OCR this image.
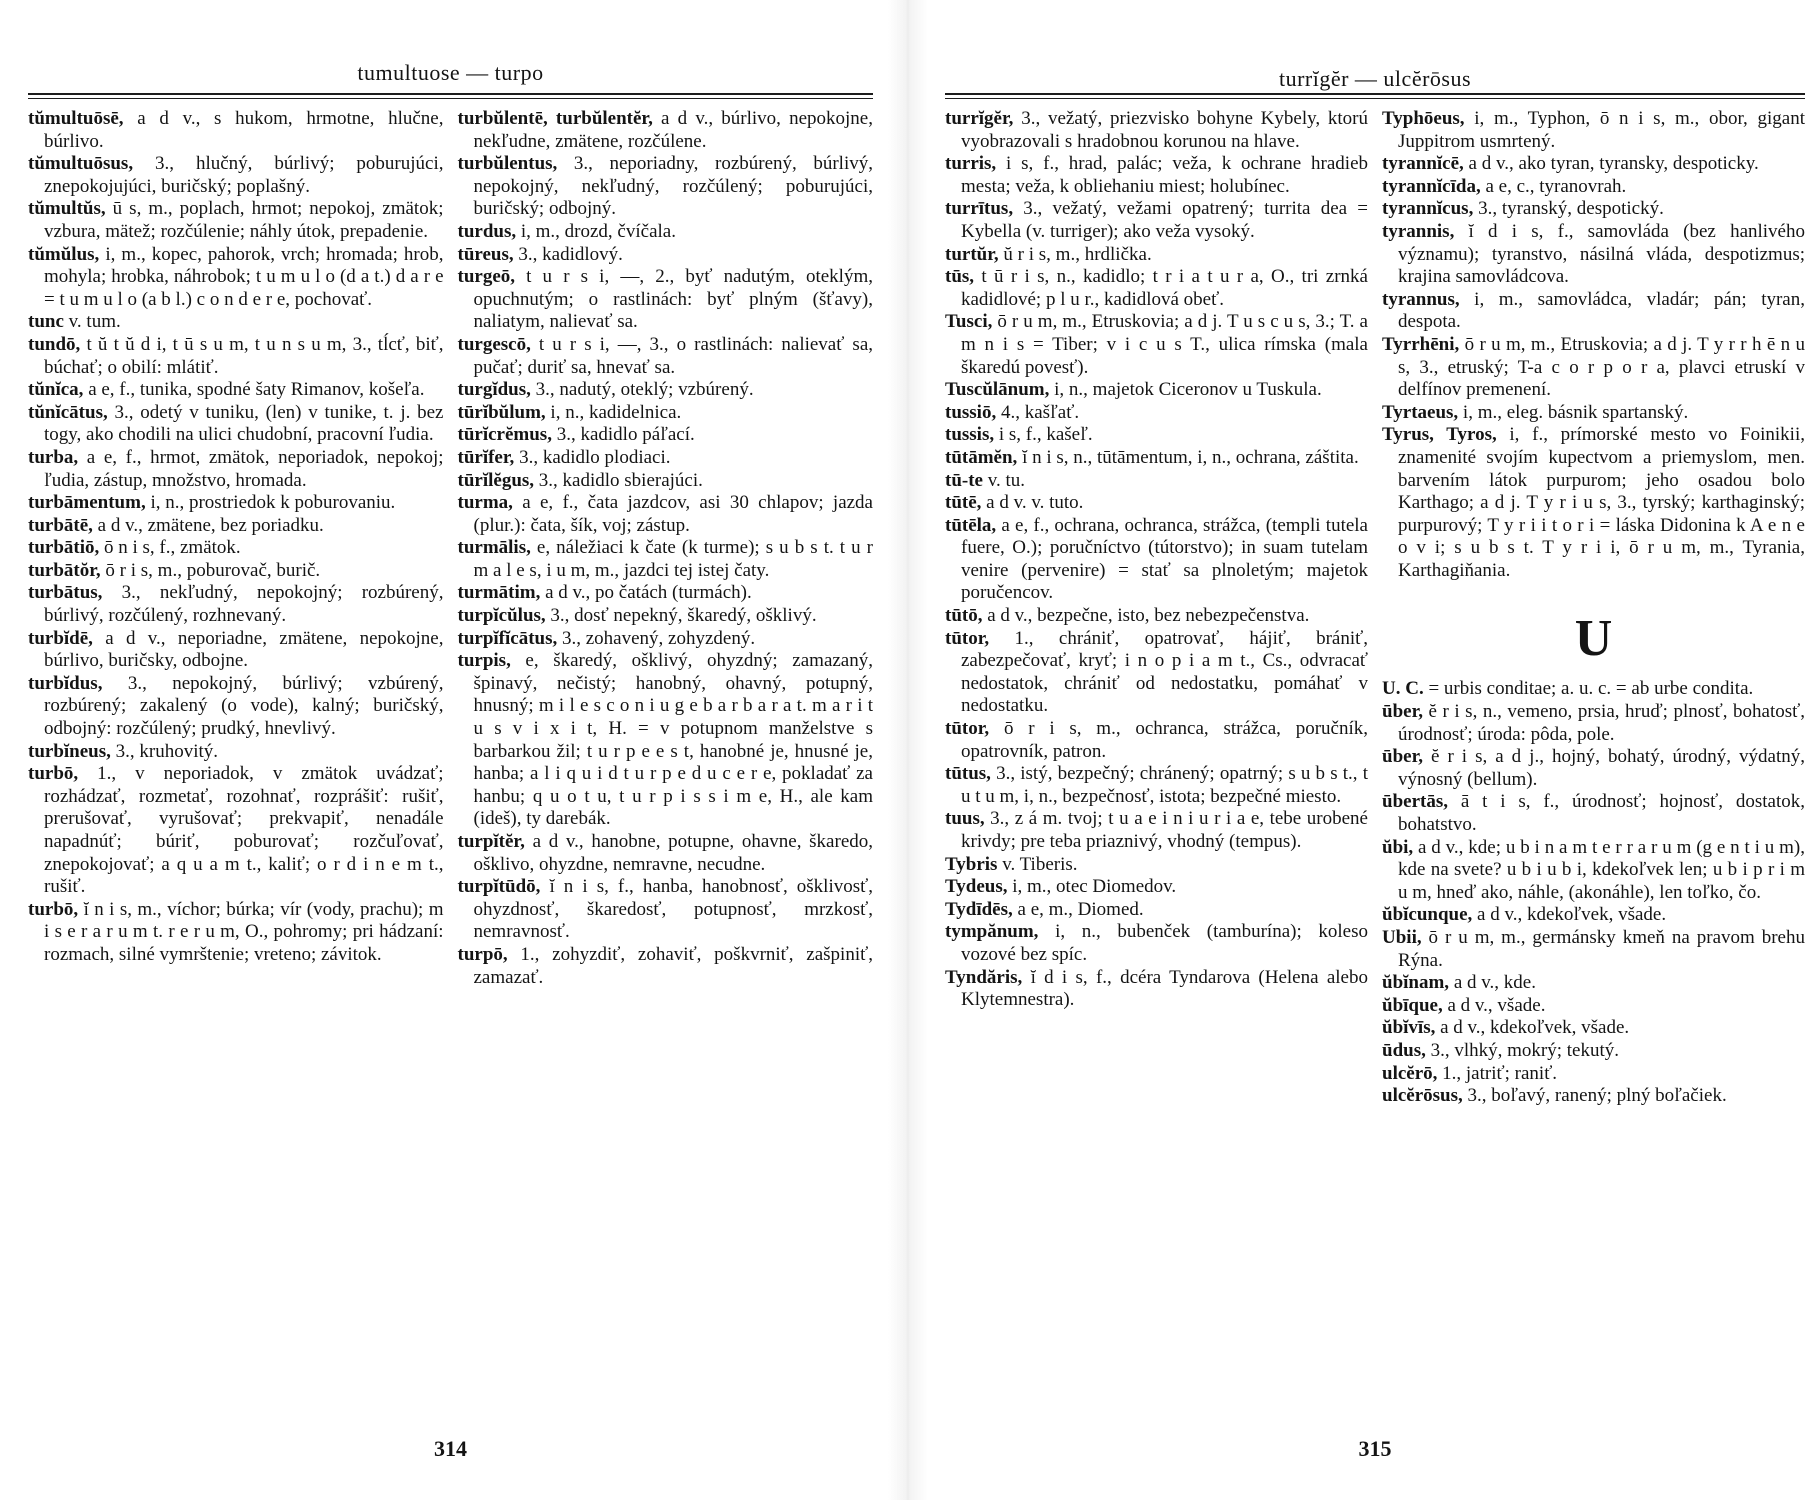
tumultuose — turpo

tŭmultuōsē, a d v., s hukom, hrmotne, hlučne, búrlivo.

tŭmultuōsus, 3., hlučný, búrlivý; poburujúci, znepokojujúci, buričský; poplašný.

tŭmultŭs, ū s, m., poplach, hrmot; nepokoj, zmätok; vzbura, mätež; rozčúlenie; náhly útok, prepadenie.

tŭmŭlus, i, m., kopec, pahorok, vrch; hromada; hrob, mohyla; hrobka, náhrobok; t u m u l o (d a t.) d a r e = t u m u l o (a b l.) c o n d e r e, pochovať.

tunc v. tum.

tundō, t ŭ t ŭ d i, t ū s u m, t u n s u m, 3., tĺcť, biť, búchať; o obilí: mlátiť.

tŭnĭca, a e, f., tunika, spodné šaty Rimanov, košeľa.

tŭnĭcātus, 3., odetý v tuniku, (len) v tunike, t. j. bez togy, ako chodili na ulici chudobní, pracovní ľudia.

turba, a e, f., hrmot, zmätok, neporiadok, nepokoj; ľudia, zástup, množstvo, hromada.

turbāmentum, i, n., prostriedok k poburovaniu.

turbātē, a d v., zmätene, bez poriadku.

turbātiō, ō n i s, f., zmätok.

turbātŏr, ō r i s, m., poburovač, burič.

turbātus, 3., nekľudný, nepokojný; rozbúrený, búrlivý, rozčúlený, rozhnevaný.

turbĭdē, a d v., neporiadne, zmätene, nepokojne, búrlivo, buričsky, odbojne.

turbĭdus, 3., nepokojný, búrlivý; vzbúrený, rozbúrený; zakalený (o vode), kalný; buričský, odbojný: rozčúlený; prudký, hnevlivý.

turbĭneus, 3., kruhovitý.

turbō, 1., v neporiadok, v zmätok uvádzať; rozhádzať, rozmetať, rozohnať, rozprášiť: rušiť, prerušovať, vyrušovať; prekvapiť, nenadále napadnúť; búriť, poburovať; rozčuľovať, znepokojovať; a q u a m t., kaliť; o r d i n e m t., rušiť.

turbō, ĭ n i s, m., víchor; búrka; vír (vody, prachu); m i s e r a r u m t. r e r u m, O., pohromy; pri hádzaní: rozmach, silné vymrštenie; vreteno; závitok.

turbŭlentē, turbŭlentĕr, a d v., búrlivo, nepokojne, nekľudne, zmätene, rozčúlene.

turbŭlentus, 3., neporiadny, rozbúrený, búrlivý, nepokojný, nekľudný, rozčúlený; poburujúci, buričský; odbojný.

turdus, i, m., drozd, čvíčala.

tūreus, 3., kadidlový.

turgeō, t u r s i, —, 2., byť nadutým, oteklým, opuchnutým; o rastlinách: byť plným (šťavy), naliatym, nalievať sa.

turgescō, t u r s i, —, 3., o rastlinách: nalievať sa, pučať; duriť sa, hnevať sa.

turgĭdus, 3., nadutý, oteklý; vzbúrený.

tūrĭbŭlum, i, n., kadidelnica.

tūrĭcrĕmus, 3., kadidlo páľací.

tūrĭfer, 3., kadidlo plodiaci.

tūrĭlĕgus, 3., kadidlo sbierajúci.

turma, a e, f., čata jazdcov, asi 30 chlapov; jazda (plur.): čata, šík, voj; zástup.

turmālis, e, náležiaci k čate (k turme); s u b s t. t u r m a l e s, i u m, m., jazdci tej istej čaty.

turmātim, a d v., po čatách (turmách).

turpĭcŭlus, 3., dosť nepekný, škaredý, ošklivý.

turpĭfĭcātus, 3., zohavený, zohyzdený.

turpis, e, škaredý, ošklivý, ohyzdný; zamazaný, špinavý, nečistý; hanobný, ohavný, potupný, hnusný; m i l e s c o n i u g e b a r b a r a t. m a r i t u s v i x i t, H. = v potupnom manželstve s barbarkou žil; t u r p e e s t, hanobné je, hnusné je, hanba; a l i q u i d t u r p e d u c e r e, pokladať za hanbu; q u o t u, t u r p i s s i m e, H., ale kam (ideš), ty darebák.

turpĭtĕr, a d v., hanobne, potupne, ohavne, škaredo, ošklivo, ohyzdne, nemravne, necudne.

turpĭtūdō, ĭ n i s, f., hanba, hanobnosť, ošklivosť, ohyzdnosť, škaredosť, potupnosť, mrzkosť, nemravnosť.

turpō, 1., zohyzdiť, zohaviť, poškvrniť, zašpiniť, zamazať.

314
turrĭgĕr — ulcĕrōsus

turrĭgĕr, 3., vežatý, priezvisko bohyne Kybely, ktorú vyobrazovali s hradobnou korunou na hlave.

turris, i s, f., hrad, palác; veža, k ochrane hradieb mesta; veža, k obliehaniu miest; holubínec.

turrītus, 3., vežatý, vežami opatrený; turrita dea = Kybella (v. turriger); ako veža vysoký.

turtŭr, ŭ r i s, m., hrdlička.

tūs, t ū r i s, n., kadidlo; t r i a t u r a, O., tri zrnká kadidlové; p l u r., kadidlová obeť.

Tusci, ō r u m, m., Etruskovia; a d j. T u s c u s, 3.; T. a m n i s = Tiber; v i c u s T., ulica rímska (mala škaredú povesť).

Tuscŭlānum, i, n., majetok Ciceronov u Tuskula.

tussiō, 4., kašľať.

tussis, i s, f., kašeľ.

tūtāmĕn, ĭ n i s, n., tūtāmentum, i, n., ochrana, záštita.

tū-te v. tu.

tūtē, a d v. v. tuto.

tūtēla, a e, f., ochrana, ochranca, strážca, (templi tutela fuere, O.); poručníctvo (tútorstvo); in suam tutelam venire (pervenire) = stať sa plnoletým; majetok poručencov.

tūtō, a d v., bezpečne, isto, bez nebezpečenstva.

tūtor, 1., chrániť, opatrovať, hájiť, brániť, zabezpečovať, kryť; i n o p i a m t., Cs., odvracať nedostatok, chrániť od nedostatku, pomáhať v nedostatku.

tūtor, ō r i s, m., ochranca, strážca, poručník, opatrovník, patron.

tūtus, 3., istý, bezpečný; chránený; opatrný; s u b s t., t u t u m, i, n., bezpečnosť, istota; bezpečné miesto.

tuus, 3., z á m. tvoj; t u a e i n i u r i a e, tebe urobené krivdy; pre teba priaznivý, vhodný (tempus).

Tybris v. Tiberis.

Tydeus, i, m., otec Diomedov.

Tydīdēs, a e, m., Diomed.

tympănum, i, n., bubenček (tamburína); koleso vozové bez spíc.

Tyndăris, ĭ d i s, f., dcéra Tyndarova (Helena alebo Klytemnestra).

Typhōeus, i, m., Typhon, ō n i s, m., obor, gigant Juppitrom usmrtený.

tyrannĭcē, a d v., ako tyran, tyransky, despoticky.

tyrannĭcīda, a e, c., tyranovrah.

tyrannĭcus, 3., tyranský, despotický.

tyrannis, ĭ d i s, f., samovláda (bez hanlivého významu); tyranstvo, násilná vláda, despotizmus; krajina samovládcova.

tyrannus, i, m., samovládca, vladár; pán; tyran, despota.

Tyrrhēni, ō r u m, m., Etruskovia; a d j. T y r r h ē n u s, 3., etruský; T-a c o r p o r a, plavci etruskí v delfínov premenení.

Tyrtaeus, i, m., eleg. básnik spartanský.

Tyrus, Tyros, i, f., prímorské mesto vo Foinikii, znamenité svojím kupectvom a priemyslom, men. barvením látok purpurom; jeho osadou bolo Karthago; a d j. T y r i u s, 3., tyrský; karthaginský; purpurový; T y r i i t o r i = láska Didonina k A e n e o v i; s u b s t. T y r i i, ō r u m, m., Tyrania, Karthagiňania.

U

U. C. = urbis conditae; a. u. c. = ab urbe condita.

ūber, ĕ r i s, n., vemeno, prsia, hruď; plnosť, bohatosť, úrodnosť; úroda: pôda, pole.

ūber, ĕ r i s, a d j., hojný, bohatý, úrodný, výdatný, výnosný (bellum).

ūbertās, ā t i s, f., úrodnosť; hojnosť, dostatok, bohatstvo.

ŭbi, a d v., kde; u b i n a m t e r r a r u m (g e n t i u m), kde na svete? u b i u b i, kdekoľvek len; u b i p r i m u m, hneď ako, náhle, (akonáhle), len toľko, čo.

ŭbĭcunque, a d v., kdekoľvek, všade.

Ubii, ō r u m, m., germánsky kmeň na pravom brehu Rýna.

ŭbĭnam, a d v., kde.

ŭbīque, a d v., všade.

ŭbĭvīs, a d v., kdekoľvek, všade.

ūdus, 3., vlhký, mokrý; tekutý.

ulcĕrō, 1., jatriť; raniť.

ulcĕrōsus, 3., boľavý, ranený; plný boľačiek.

315
